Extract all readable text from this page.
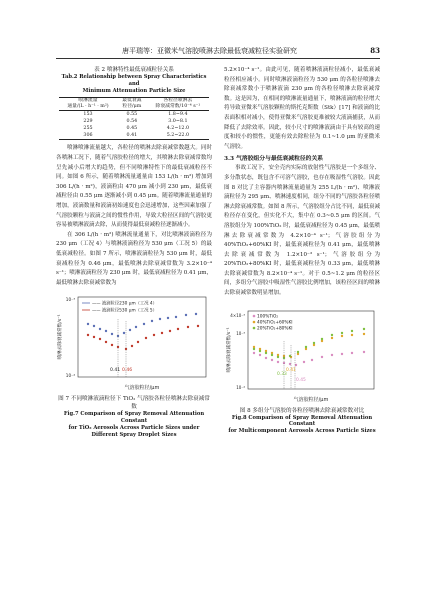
唐平瑞等：亚微米气溶胶喷淋去除最低衰减粒径实验研究	83
表 2 喷淋特性最低衰减粒径关系
Tab.2 Relationship between Spray Characteristics and
Minimum Attenuation Particle Size
喷淋流量
通量/(L · h⁻¹ · m²)	最低衰减
粒径/μm	各粒径喷淋去
除衰减常数/10⁻⁴ s⁻¹
153	0.55	1.8~9.4
229	0.54	3.0~8.1
255	0.45	4.2~12.0
306	0.41	5.2~22.0

喷淋喷淋流量越大，各粒径的喷淋去除衰减常数越大。同时各喷淋工况下，随着气溶胶粒径的增大，其喷淋去除衰减常数均呈先减小后增大的趋势，但不同喷淋特性下的最低衰减粒径不同。如图 6 所示，随着喷淋流量通量由 153 L/(h · m²) 增加到 306 L/(h · m²)，液滴粒由 470 μm 减小到 230 μm，最低衰减粒径由 0.55 μm 逐渐减小到 0.45 μm。随着喷淋流量通量的增加，液滴数量和液滴初始速度也会迅速增加，这些因素加强了气溶胶颗粒与液滴之间的惯性作用，导致大粒径区间的气溶胶更容易被喷淋液滴去除，从而使得最低衰减粒径逐渐减小。

在 306 L/(h · m²) 喷淋流量通量下，对比喷淋液滴粒径为 230 μm（工况 4）与喷淋液滴粒径为 530 μm（工况 5）的最低衰减粒径。如图 7 所示，喷淋液滴粒径为 530 μm 时，最低衰减粒径为 0.46 μm，最低喷淋去除衰减常数为 3.2×10⁻⁴ s⁻¹；喷淋液滴粒径为 230 μm 时，最低衰减粒径为 0.41 μm，最低喷淋去除衰减常数为

喷淋去除衰减常数/s⁻¹
气溶胶粒径/μm
10⁻³
10⁻⁴
—— 液滴粒径230 μm（工况 4）
—— 液滴粒径530 μm（工况 5）
0.41 0.46
图 7 不同喷淋液滴粒径下 TiO₂ 气溶胶各粒径喷淋去除衰减常数
Fig.7 Comparison of Spray Removal Attenuation Constant
for TiO₂ Aerosols Across Particle Sizes under
Different Spray Droplet Sizes

5.2×10⁻⁴ s⁻¹。由此可见，随着喷淋液滴粒径减小，最低衰减粒径相应减小。同时喷淋液滴粒径为 530 μm 的各粒径喷淋去除衰减常数小于喷淋液滴 230 μm 的各粒径喷淋去除衰减常数。这是因为，在相同的喷淋流量通量下，喷淋液滴的粒径增大将导致亚微米气溶胶颗粒的斯托克斯数（Stk）[17] 和液滴的比表面积相对减小，使得亚微米气溶胶更难被较大液滴捕获，从而降低了去除效率。因此，较小尺寸的喷淋液滴由于具有较高的速度和较小的惯性，更能有效去除粒径为 0.1~1.0 μm 的亚微米气溶胶。

3.3 气溶胶组分与最低衰减粒径的关系

事故工况下，安全壳内实际的放射性气溶胶是一个多组分、多分散状态，既包含不可溶气溶胶，也存在吸湿性气溶胶。因此图 8 对比了主容器内喷淋流量通量为 255 L/(h · m²)、喷淋液滴粒径为 295 μm、喷淋速度相同，组分不同的气溶胶各粒径喷淋去除衰减常数。如图 8 所示，气溶胶组分占比不同，最低衰减粒径存在变化，但实化不大，集中在 0.3~0.5 μm 的区间。气溶胶组分为 100%TiO₂ 时，最低衰减粒径为 0.45 μm，最低喷淋去除衰减常数为 4.2×10⁻⁴ s⁻¹；气溶胶组分为 40%TiO₂+60%KI 时，最低衰减粒径为 0.41 μm，最低喷淋去除衰减常数为 1.2×10⁻³ s⁻¹；气溶胶组分为 20%TiO₂+80%KI 时，最低衰减粒径为 0.33 μm，最低喷淋去除衰减常数为 8.2×10⁻⁴ s⁻¹。对于 0.5~1.2 μm 的粒径区间，多组分气溶胶中吸湿性气溶胶比例增加，该粒径区间的喷淋去除衰减常数明显增加。

喷淋去除衰减常数/s⁻¹
气溶胶粒径/μm
4×10⁻³
10⁻³
10⁻⁴
100%TiO₂
40%TiO₂+60%KI
20%TiO₂+80%KI
0.33
0.41
0.45
图 8 多组分气溶胶的各粒径喷淋去除衰减常数对比
Fig.8 Comparison of Spray Removal Attenuation Constant
for Multicomponent Aerosols Across Particle Sizes
